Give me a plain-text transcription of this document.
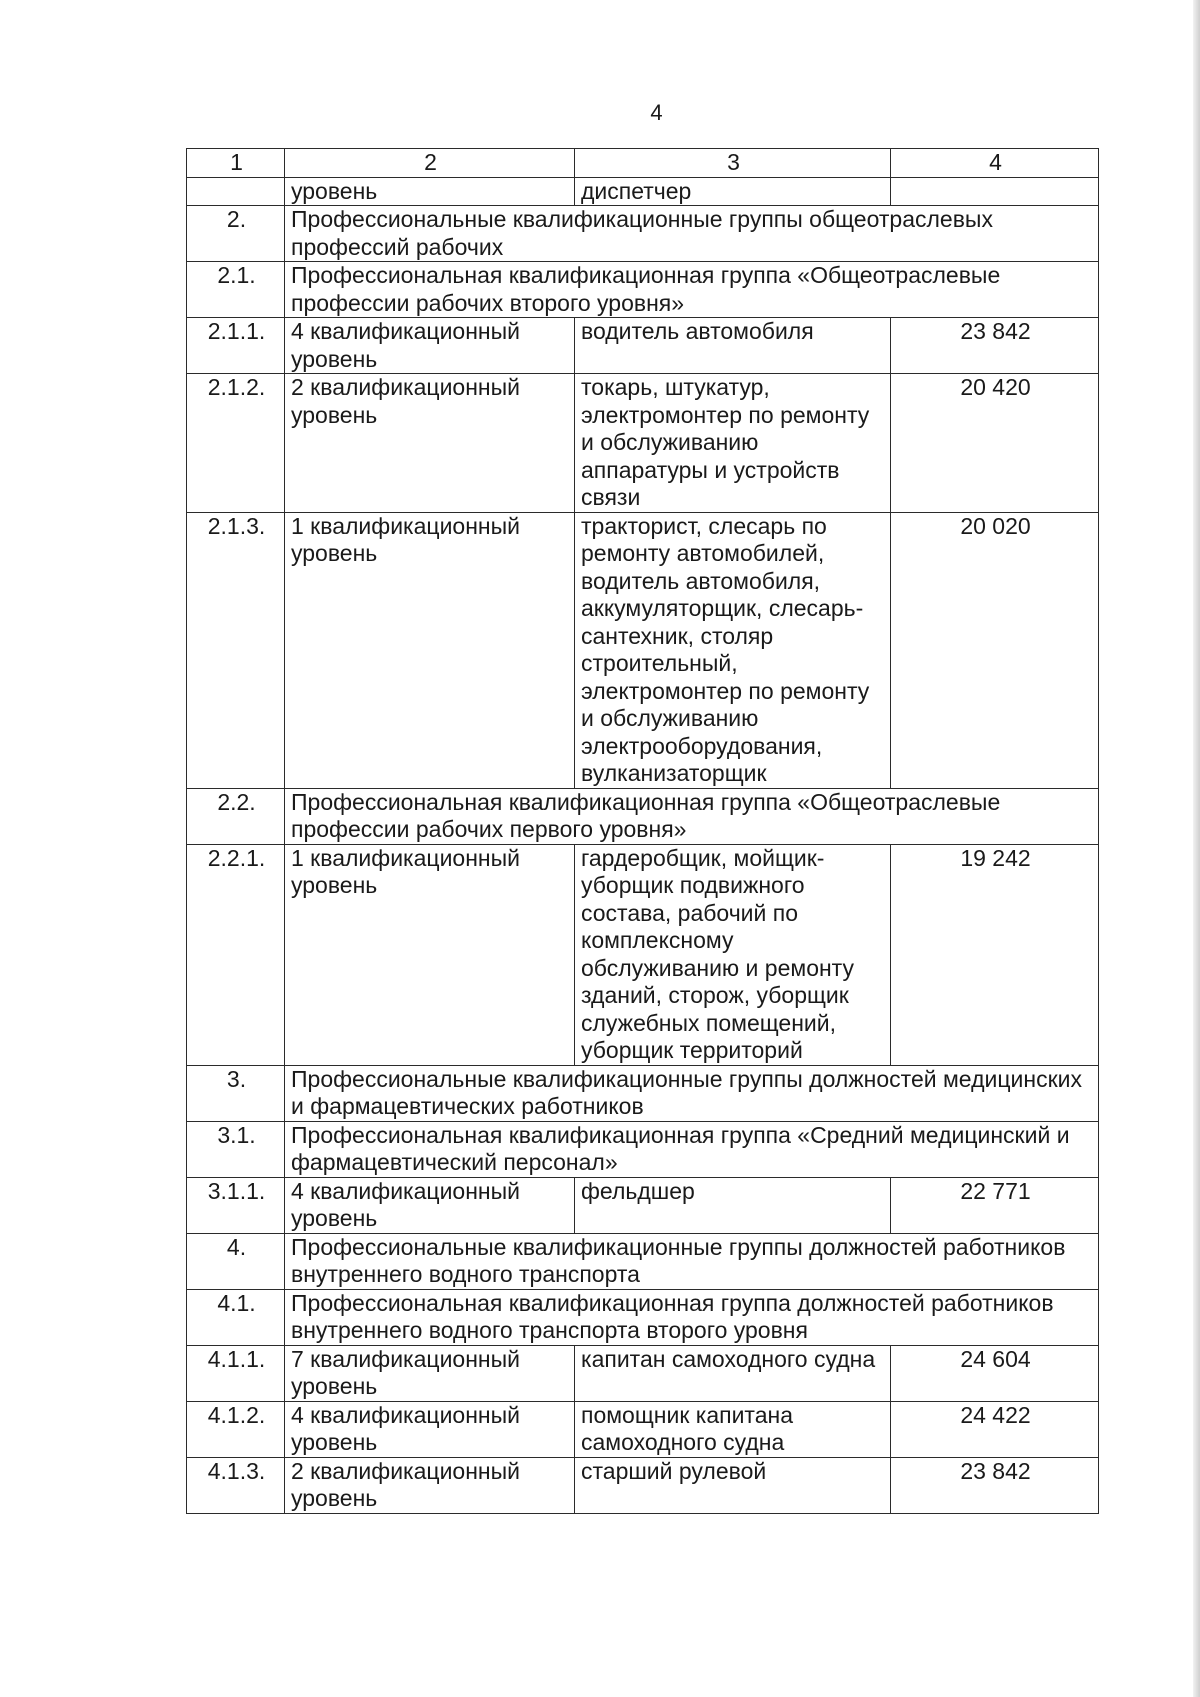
4
1	2	3	4
	уровень	диспетчер	
2.	Профессиональные квалификационные группы общеотраслевых профессий рабочих		
2.1.	Профессиональная квалификационная группа «Общеотраслевые профессии рабочих второго уровня»		
2.1.1.	4 квалификационный уровень	водитель автомобиля	23 842
2.1.2.	2 квалификационный уровень	токарь, штукатур, электромонтер по ремонту и обслуживанию аппаратуры и устройств связи	20 420
2.1.3.	1 квалификационный уровень	тракторист, слесарь по ремонту автомобилей, водитель автомобиля, аккумуляторщик, слесарь-сантехник, столяр строительный, электромонтер по ремонту и обслуживанию электрооборудования, вулканизаторщик	20 020
2.2.	Профессиональная квалификационная группа «Общеотраслевые профессии рабочих первого уровня»		
2.2.1.	1 квалификационный уровень	гардеробщик, мойщик-уборщик подвижного состава, рабочий по комплексному обслуживанию и ремонту зданий, сторож, уборщик служебных помещений, уборщик территорий	19 242
3.	Профессиональные квалификационные группы должностей медицинских и фармацевтических работников		
3.1.	Профессиональная квалификационная группа «Средний медицинский и фармацевтический персонал»		
3.1.1.	4 квалификационный уровень	фельдшер	22 771
4.	Профессиональные квалификационные группы должностей работников внутреннего водного транспорта		
4.1.	Профессиональная квалификационная группа должностей работников внутреннего водного транспорта второго уровня		
4.1.1.	7 квалификационный уровень	капитан самоходного судна	24 604
4.1.2.	4 квалификационный уровень	помощник капитана самоходного судна	24 422
4.1.3.	2 квалификационный уровень	старший рулевой	23 842
